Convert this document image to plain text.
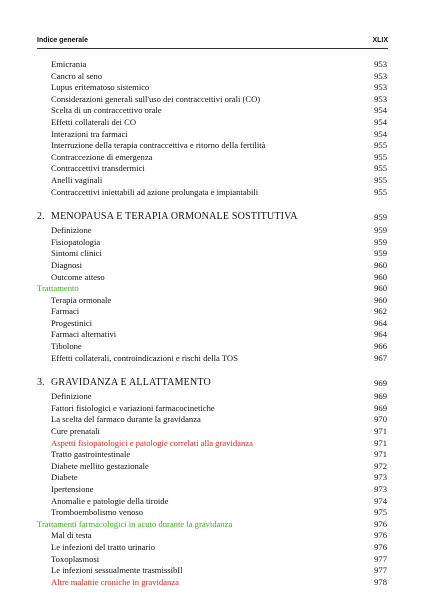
Indice generale	XLIX
Emicrania	953
Cancro al seno	953
Lupus eritematoso sistemico	953
Considerazioni generali sull'uso dei contraccettivi orali (CO)	953
Scelta di un contraccettivo orale	954
Effetti collaterali dei CO	954
Interazioni tra farmaci	954
Interruzione della terapia contraccettiva e ritorno della fertilità	955
Contraccezione di emergenza	955
Contraccettivi transdermici	955
Anelli vaginali	955
Contraccettivi iniettabili ad azione prolungata e impiantabili	955
2. MENOPAUSA E TERAPIA ORMONALE SOSTITUTIVA	959
Definizione	959
Fisiopatologia	959
Sintomi clinici	959
Diagnosi	960
Outcome atteso	960
Trattamento	960
Terapia ormonale	960
Farmaci	962
Progestinici	964
Farmaci alternativi	964
Tibolone	966
Effetti collaterali, controindicazioni e rischi della TOS	967
3. GRAVIDANZA E ALLATTAMENTO	969
Definizione	969
Fattori fisiologici e variazioni farmacocinetiche	969
La scelta del farmaco durante la gravidanza	970
Cure prenatali	971
Aspetti fisiopatologici e patologie correlati alla gravidanza	971
Tratto gastrointestinale	971
Diabete mellito gestazionale	972
Diabete	973
Ipertensione	973
Anomalie e patologie della tiroide	974
Tromboembolismo venoso	975
Trattamenti farmacologici in acuto durante la gravidanza	976
Mal di testa	976
Le infezioni del tratto urinario	976
Toxoplasmosi	977
Le infezioni sessualmente trasmissibIl	977
Altre malattie croniche in gravidanza	978
